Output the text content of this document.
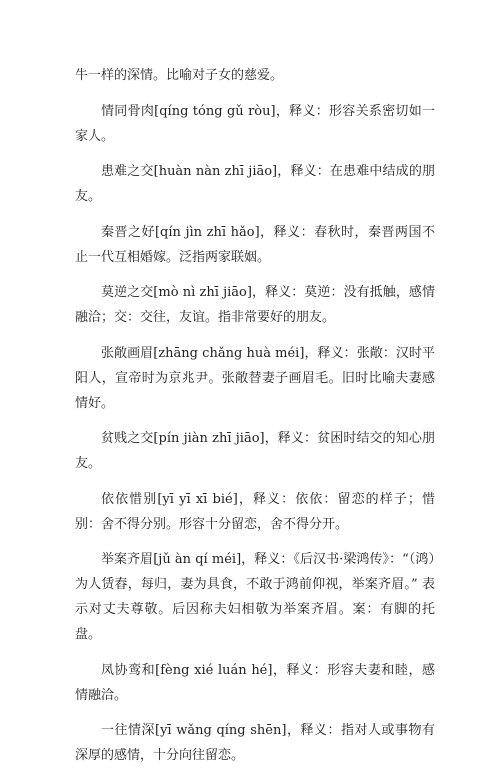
牛一样的深情。比喻对子女的慈爱。

情同骨肉[qíng tóng gǔ ròu]，释义：形容关系密切如一家人。

患难之交[huàn nàn zhī jiāo]，释义：在患难中结成的朋友。

秦晋之好[qín jìn zhī hǎo]，释义：春秋时，秦晋两国不止一代互相婚嫁。泛指两家联姻。

莫逆之交[mò nì zhī jiāo]，释义：莫逆：没有抵触，感情融洽；交：交往，友谊。指非常要好的朋友。

张敞画眉[zhāng chǎng huà méi]，释义：张敞：汉时平阳人，宣帝时为京兆尹。张敞替妻子画眉毛。旧时比喻夫妻感情好。

贫贱之交[pín jiàn zhī jiāo]，释义：贫困时结交的知心朋友。

依依惜别[yī yī xī bié]，释义：依依：留恋的样子；惜别：舍不得分别。形容十分留恋，舍不得分开。

举案齐眉[jǔ àn qí méi]，释义：《后汉书·梁鸿传》：“（鸿）为人赁舂，每归，妻为具食，不敢于鸿前仰视，举案齐眉。” 表示对丈夫尊敬。后因称夫妇相敬为举案齐眉。案：有脚的托盘。

凤协鸾和[fèng xié luán hé]，释义：形容夫妻和睦，感情融洽。

一往情深[yī wǎng qíng shēn]，释义：指对人或事物有深厚的感情，十分向往留恋。
